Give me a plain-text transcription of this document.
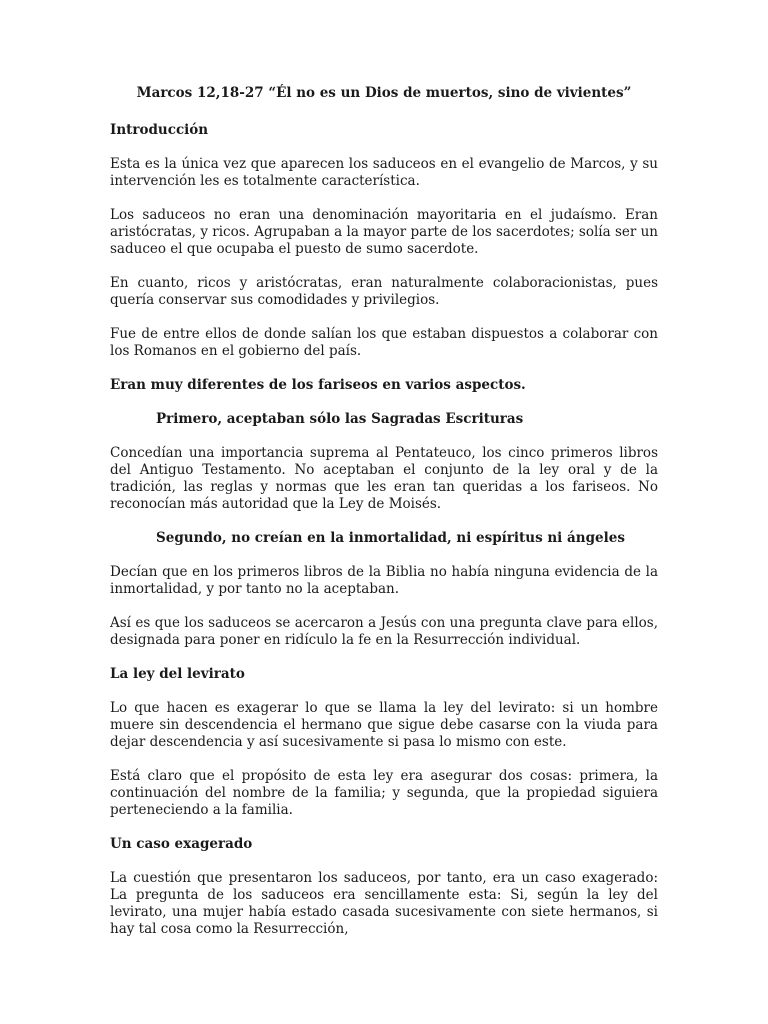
Marcos 12,18-27 “Él no es un Dios de muertos, sino de vivientes”
Introducción
Esta es la única vez que aparecen los saduceos en el evangelio de Marcos, y su intervención les es totalmente característica.
Los saduceos no eran una denominación mayoritaria en el judaísmo. Eran aristócratas, y ricos. Agrupaban a la mayor parte de los sacerdotes; solía ser un saduceo el que ocupaba el puesto de sumo sacerdote.
En cuanto, ricos y aristócratas, eran naturalmente colaboracionistas, pues quería conservar sus comodidades y privilegios.
Fue de entre ellos de donde salían los que estaban dispuestos a colaborar con los Romanos en el gobierno del país.
Eran muy diferentes de los fariseos en varios aspectos.
Primero, aceptaban sólo las Sagradas Escrituras
Concedían una importancia suprema al Pentateuco, los cinco primeros libros del Antiguo Testamento. No aceptaban el conjunto de la ley oral y de la tradición, las reglas y normas que les eran tan queridas a los fariseos. No reconocían más autoridad que la Ley de Moisés.
Segundo, no creían en la inmortalidad, ni espíritus ni ángeles
Decían que en los primeros libros de la Biblia no había ninguna evidencia de la inmortalidad, y por tanto no la aceptaban.
Así es que los saduceos se acercaron a Jesús con una pregunta clave para ellos, designada para poner en ridículo la fe en la Resurrección individual.
La ley del levirato
Lo que hacen es exagerar lo que se llama la ley del levirato: si un hombre muere sin descendencia el hermano que sigue debe casarse con la viuda para dejar descendencia y así sucesivamente si pasa lo mismo con este.
Está claro que el propósito de esta ley era asegurar dos cosas: primera, la continuación del nombre de la familia; y segunda, que la propiedad siguiera perteneciendo a la familia.
Un caso exagerado
La cuestión que presentaron los saduceos, por tanto, era un caso exagerado: La pregunta de los saduceos era sencillamente esta: Si, según la ley del levirato, una mujer había estado casada sucesivamente con siete hermanos, si hay tal cosa como la Resurrección,
